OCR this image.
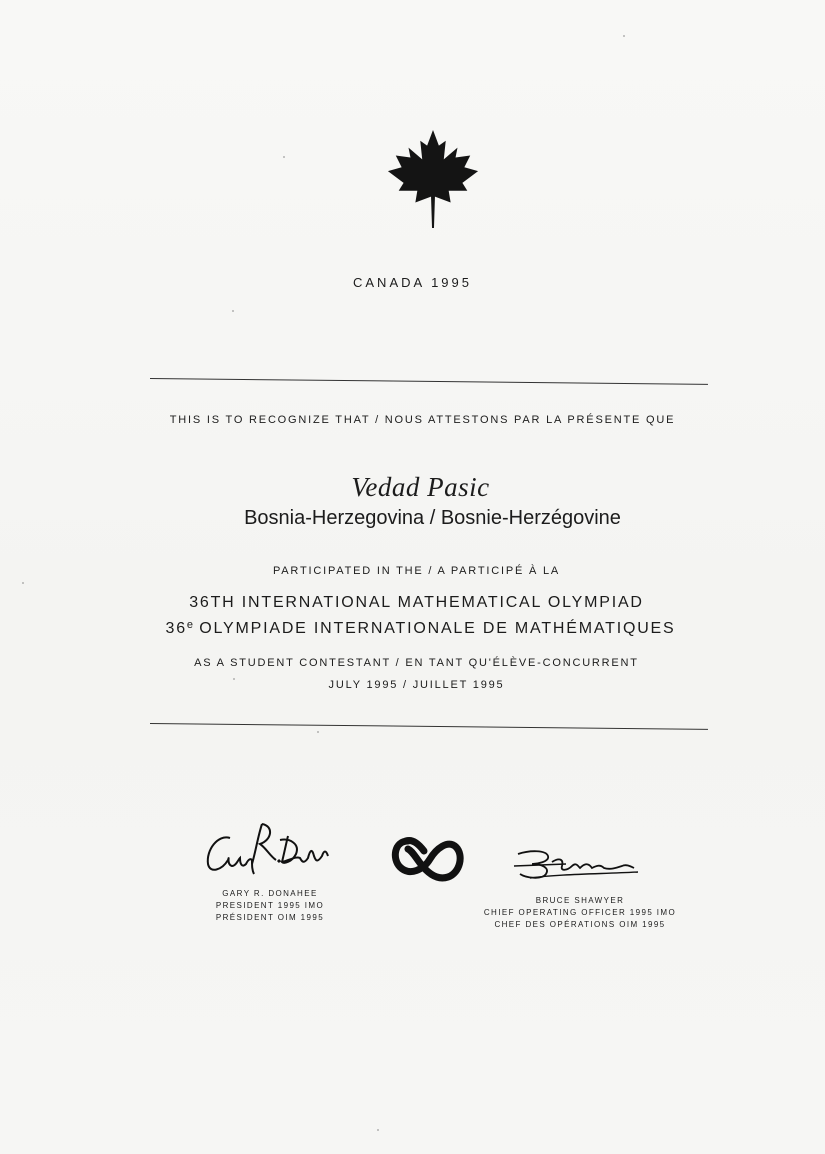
CANADA 1995
THIS IS TO RECOGNIZE THAT / NOUS ATTESTONS PAR LA PRÉSENTE QUE
Vedad Pasic
Bosnia-Herzegovina / Bosnie-Herzégovine
PARTICIPATED IN THE / A PARTICIPÉ À LA
36TH INTERNATIONAL MATHEMATICAL OLYMPIAD
36e OLYMPIADE INTERNATIONALE DE MATHÉMATIQUES
AS A STUDENT CONTESTANT / EN TANT QU'ÉLÈVE-CONCURRENT
JULY 1995 / JUILLET 1995
GARY R. DONAHEE
PRESIDENT 1995 IMO
PRÉSIDENT OIM 1995
BRUCE SHAWYER
CHIEF OPERATING OFFICER 1995 IMO
CHEF DES OPÉRATIONS OIM 1995
